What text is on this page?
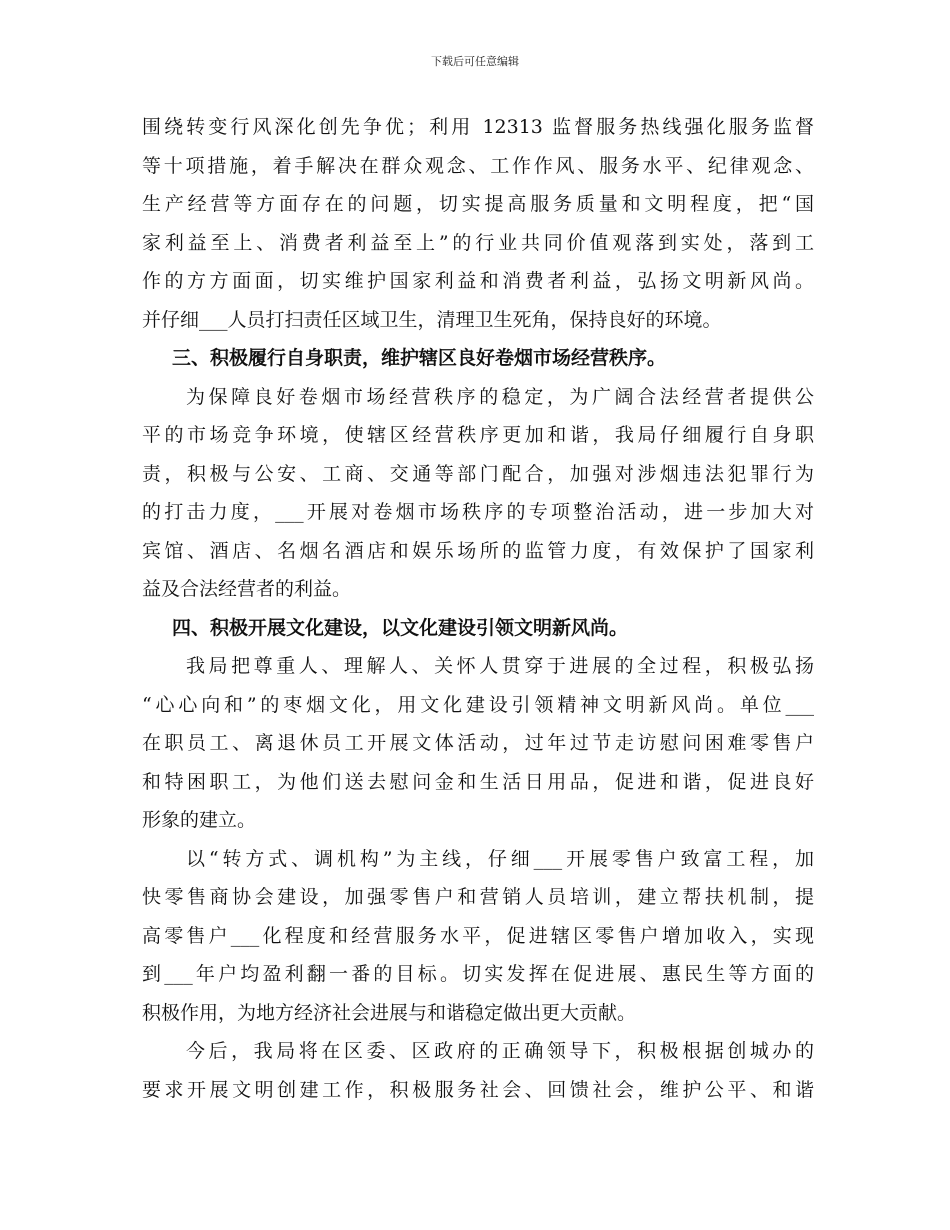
下载后可任意编辑
围绕转变行风深化创先争优；利用 12313 监督服务热线强化服务监督
等十项措施，着手解决在群众观念、工作作风、服务水平、纪律观念、
生产经营等方面存在的问题，切实提高服务质量和文明程度，把“国
家利益至上、消费者利益至上”的行业共同价值观落到实处，落到工
作的方方面面，切实维护国家利益和消费者利益，弘扬文明新风尚。
并仔细___人员打扫责任区域卫生，清理卫生死角，保持良好的环境。
三、积极履行自身职责，维护辖区良好卷烟市场经营秩序。
为保障良好卷烟市场经营秩序的稳定，为广阔合法经营者提供公
平的市场竞争环境，使辖区经营秩序更加和谐，我局仔细履行自身职
责，积极与公安、工商、交通等部门配合，加强对涉烟违法犯罪行为
的打击力度，___开展对卷烟市场秩序的专项整治活动，进一步加大对
宾馆、酒店、名烟名酒店和娱乐场所的监管力度，有效保护了国家利
益及合法经营者的利益。
四、积极开展文化建设，以文化建设引领文明新风尚。
我局把尊重人、理解人、关怀人贯穿于进展的全过程，积极弘扬
“心心向和”的枣烟文化，用文化建设引领精神文明新风尚。单位___
在职员工、离退休员工开展文体活动，过年过节走访慰问困难零售户
和特困职工，为他们送去慰问金和生活日用品，促进和谐，促进良好
形象的建立。
以“转方式、调机构”为主线，仔细___开展零售户致富工程，加
快零售商协会建设，加强零售户和营销人员培训，建立帮扶机制，提
高零售户___化程度和经营服务水平，促进辖区零售户增加收入，实现
到___年户均盈利翻一番的目标。切实发挥在促进展、惠民生等方面的
积极作用，为地方经济社会进展与和谐稳定做出更大贡献。
今后，我局将在区委、区政府的正确领导下，积极根据创城办的
要求开展文明创建工作，积极服务社会、回馈社会，维护公平、和谐
